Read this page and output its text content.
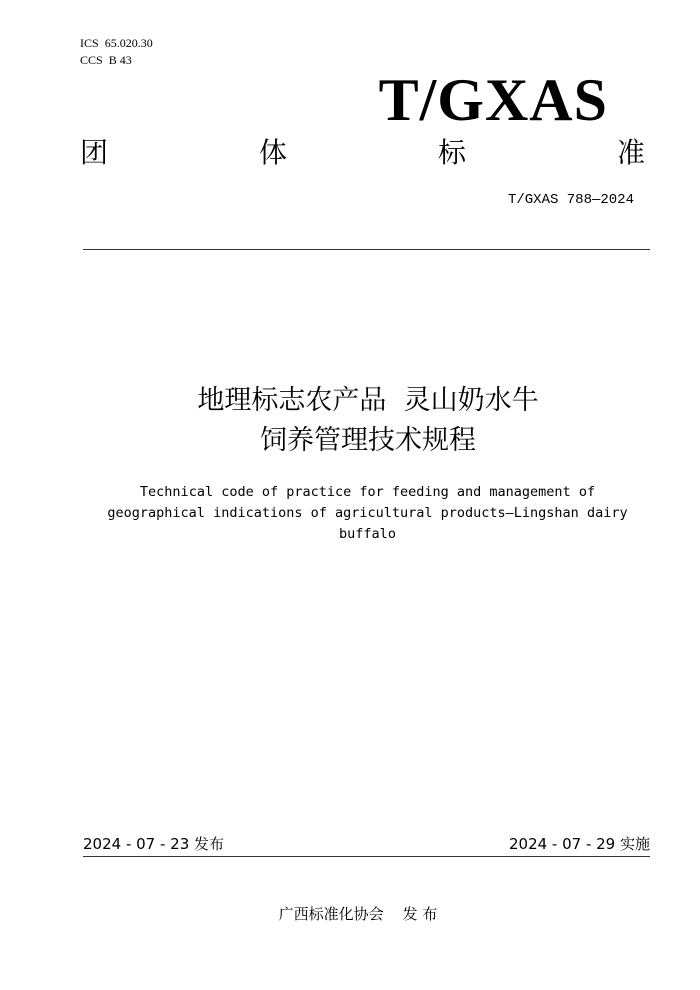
ICS 65.020.30
CCS B 43
T/GXAS
团	体	标	准
T/GXAS 788—2024
地理标志农产品  灵山奶水牛
饲养管理技术规程
Technical code of practice for feeding and management of
geographical indications of agricultural products—Lingshan dairy
buffalo
2024 - 07 - 23 发布	2024 - 07 - 29 实施
广西标准化协会    发 布
